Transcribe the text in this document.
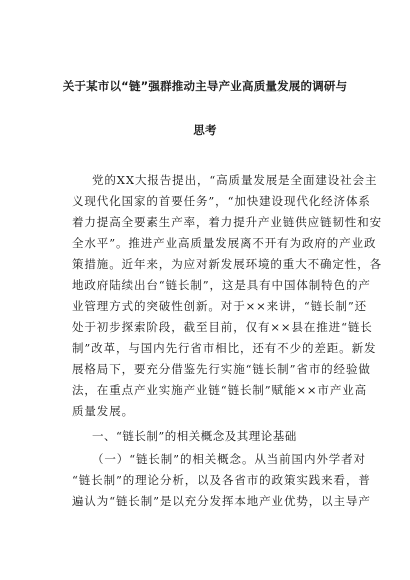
关于某市以“链”强群推动主导产业高质量发展的调研与
思考
党的XX大报告提出，“高质量发展是全面建设社会主
义现代化国家的首要任务”，“加快建设现代化经济体系
着力提高全要素生产率，着力提升产业链供应链韧性和安
全水平”。推进产业高质量发展离不开有为政府的产业政
策措施。近年来，为应对新发展环境的重大不确定性，各
地政府陆续出台“链长制”，这是具有中国体制特色的产
业管理方式的突破性创新。对于××来讲，“链长制”还
处于初步探索阶段，截至目前，仅有××县在推进“链长
制”改革，与国内先行省市相比，还有不少的差距。新发
展格局下，要充分借鉴先行实施“链长制”省市的经验做
法，在重点产业实施产业链“链长制”赋能××市产业高
质量发展。
一、“链长制”的相关概念及其理论基础
（一）“链长制”的相关概念。从当前国内外学者对
“链长制”的理论分析，以及各省市的政策实践来看，普
遍认为“链长制”是以充分发挥本地产业优势，以主导产
